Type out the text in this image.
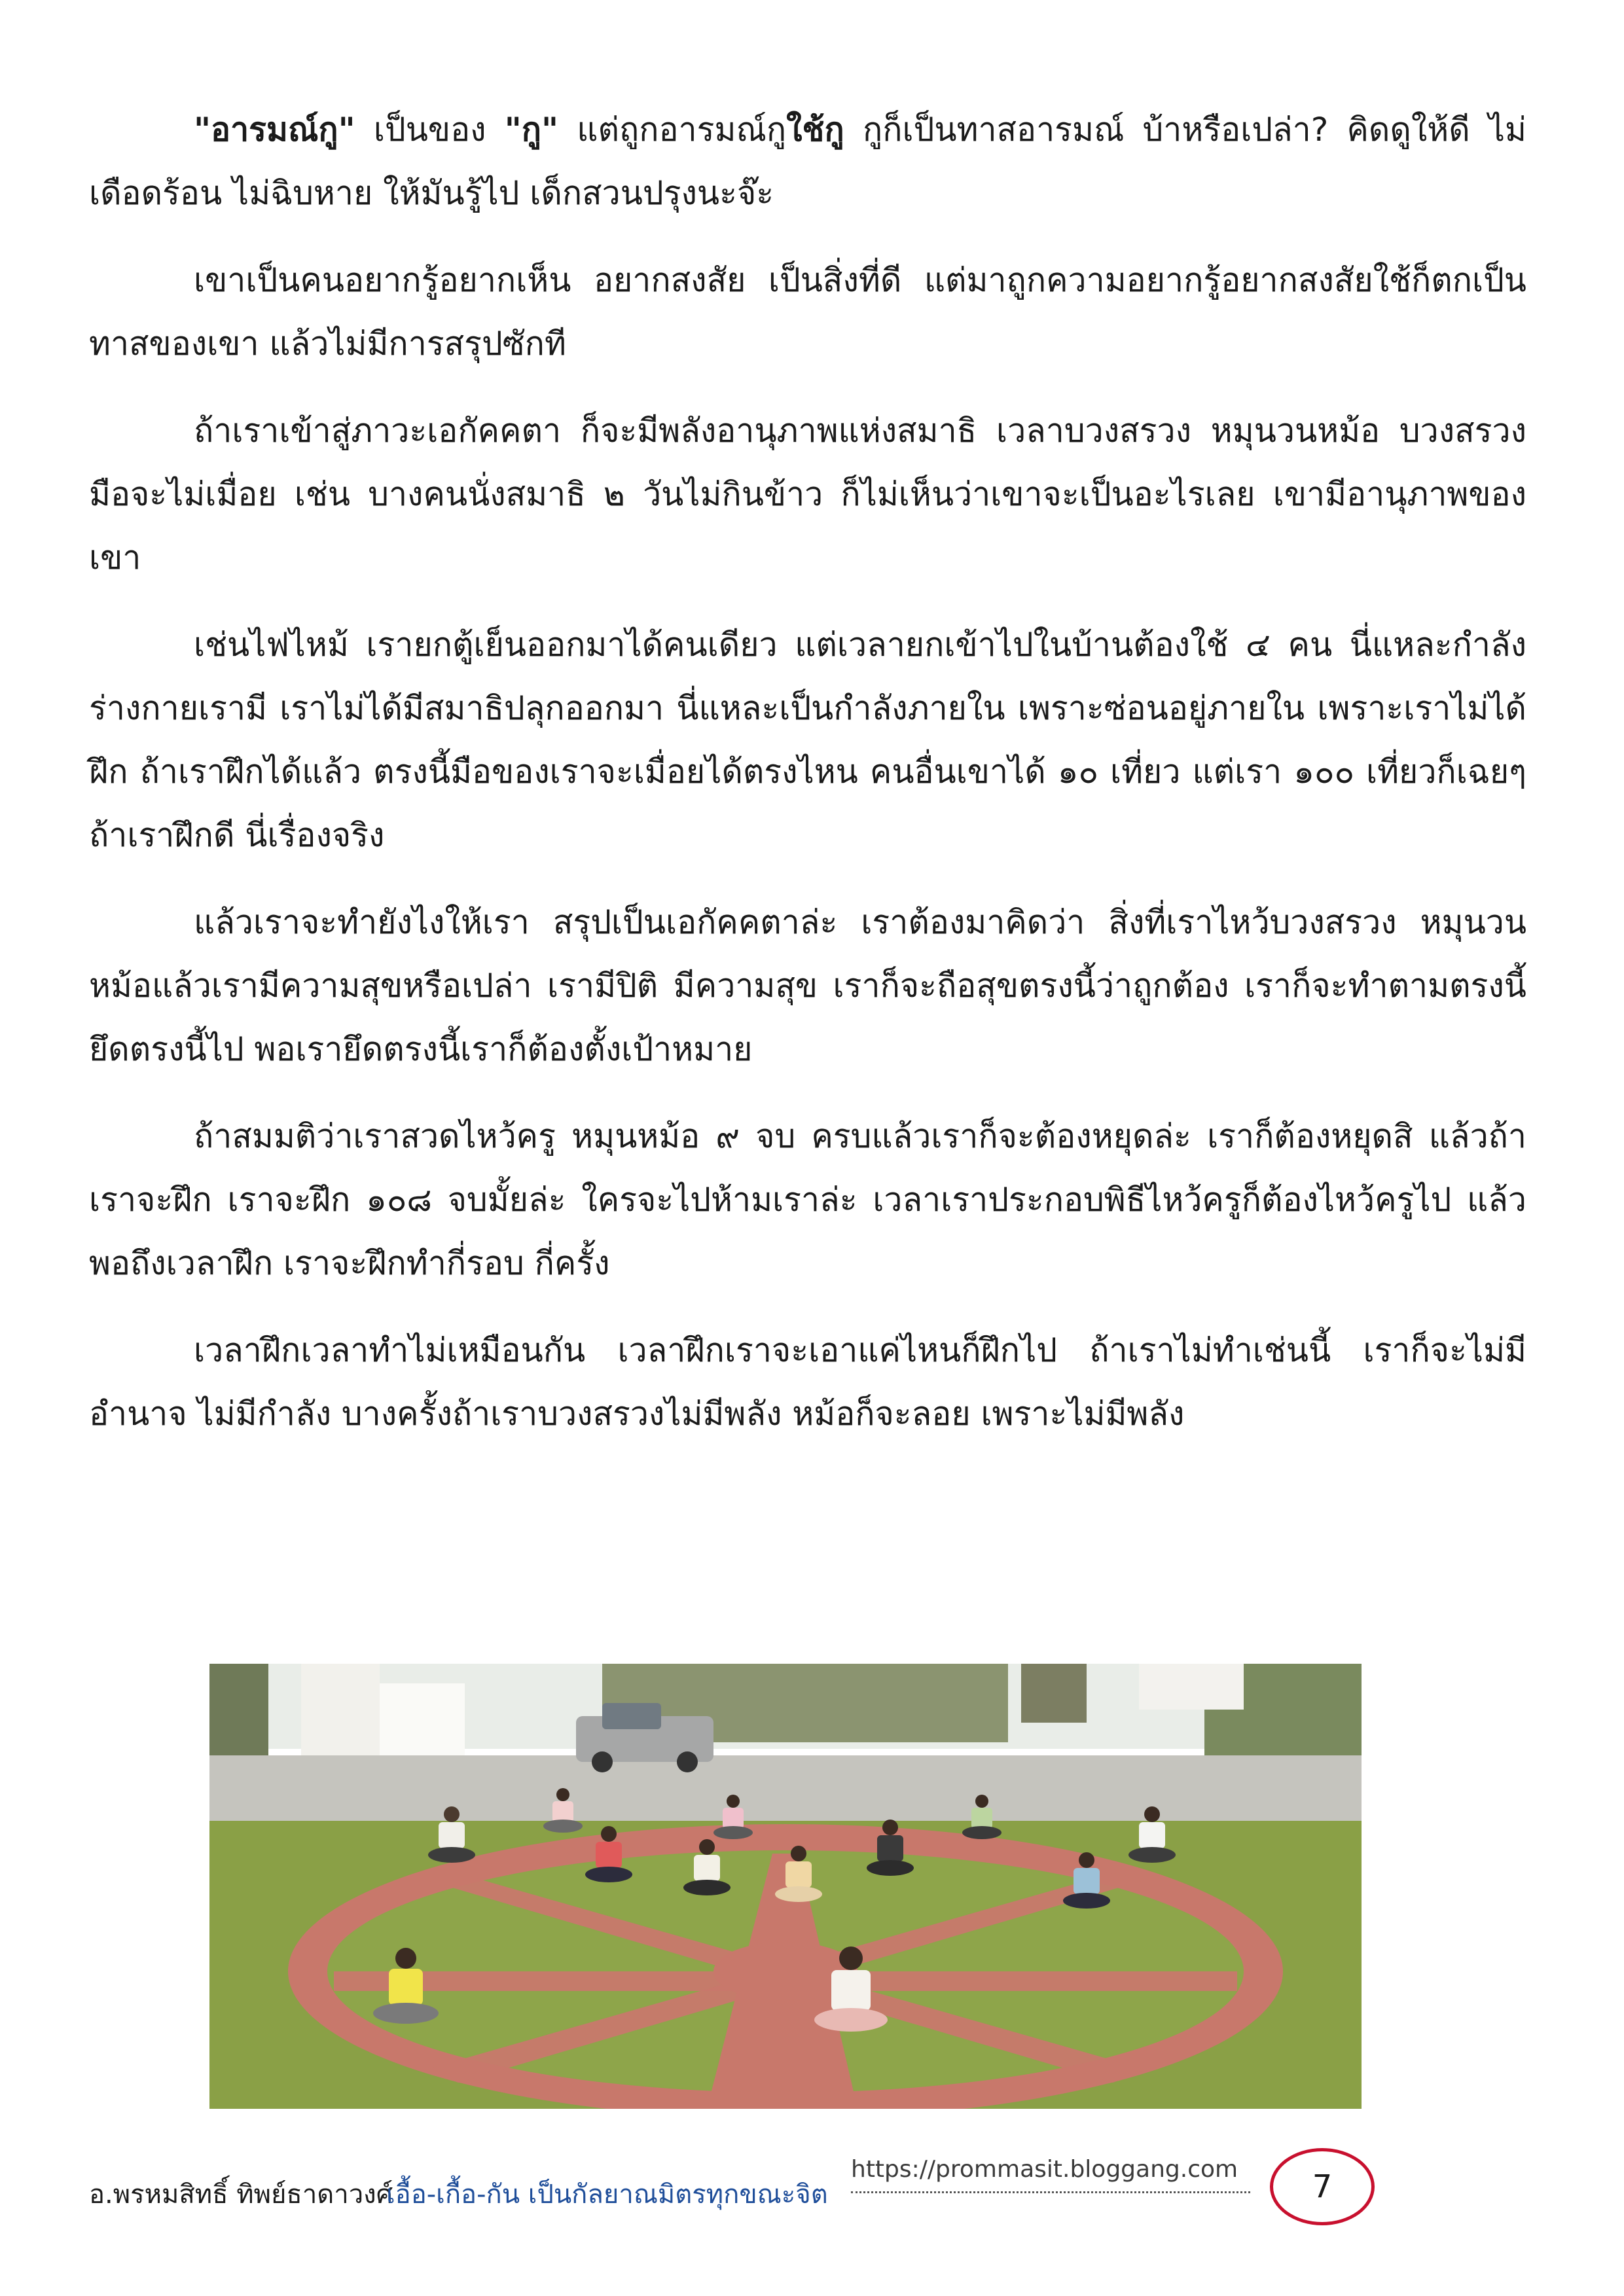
"อารมณ์กู" เป็นของ "กู" แต่ถูกอารมณ์กูใช้กู กูก็เป็นทาสอารมณ์ บ้าหรือเปล่า? คิดดูให้ดี ไม่เดือดร้อน ไม่ฉิบหาย ให้มันรู้ไป เด็กสวนปรุงนะจ๊ะ

เขาเป็นคนอยากรู้อยากเห็น อยากสงสัย เป็นสิ่งที่ดี แต่มาถูกความอยากรู้อยากสงสัยใช้ก็ตกเป็นทาสของเขา แล้วไม่มีการสรุปซักที

ถ้าเราเข้าสู่ภาวะเอกัคคตา ก็จะมีพลังอานุภาพแห่งสมาธิ เวลาบวงสรวง หมุนวนหม้อ บวงสรวงมือจะไม่เมื่อย เช่น บางคนนั่งสมาธิ ๒ วันไม่กินข้าว ก็ไม่เห็นว่าเขาจะเป็นอะไรเลย เขามีอานุภาพของเขา

เช่นไฟไหม้ เรายกตู้เย็นออกมาได้คนเดียว แต่เวลายกเข้าไปในบ้านต้องใช้ ๔ คน นี่แหละกำลังร่างกายเรามี เราไม่ได้มีสมาธิปลุกออกมา นี่แหละเป็นกำลังภายใน เพราะซ่อนอยู่ภายใน เพราะเราไม่ได้ฝึก ถ้าเราฝึกได้แล้ว ตรงนี้มือของเราจะเมื่อยได้ตรงไหน คนอื่นเขาได้ ๑๐ เที่ยว แต่เรา ๑๐๐ เที่ยวก็เฉยๆ ถ้าเราฝึกดี นี่เรื่องจริง

แล้วเราจะทำยังไงให้เรา สรุปเป็นเอกัคคตาล่ะ เราต้องมาคิดว่า สิ่งที่เราไหว้บวงสรวง หมุนวนหม้อแล้วเรามีความสุขหรือเปล่า เรามีปิติ มีความสุข เราก็จะถือสุขตรงนี้ว่าถูกต้อง เราก็จะทำตามตรงนี้ ยึดตรงนี้ไป พอเรายึดตรงนี้เราก็ต้องตั้งเป้าหมาย

ถ้าสมมติว่าเราสวดไหว้ครู หมุนหม้อ ๙ จบ ครบแล้วเราก็จะต้องหยุดล่ะ เราก็ต้องหยุดสิ แล้วถ้าเราจะฝึก เราจะฝึก ๑๐๘ จบมั้ยล่ะ ใครจะไปห้ามเราล่ะ เวลาเราประกอบพิธีไหว้ครูก็ต้องไหว้ครูไป แล้วพอถึงเวลาฝึก เราจะฝึกทำกี่รอบ กี่ครั้ง

เวลาฝึกเวลาทำไม่เหมือนกัน เวลาฝึกเราจะเอาแค่ไหนก็ฝึกไป ถ้าเราไม่ทำเช่นนี้ เราก็จะไม่มีอำนาจ ไม่มีกำลัง บางครั้งถ้าเราบวงสรวงไม่มีพลัง หม้อก็จะลอย เพราะไม่มีพลัง

อ.พรหมสิทธิ์ ทิพย์ธาดาวงศ์
เอื้อ-เกื้อ-กัน เป็นกัลยาณมิตรทุกขณะจิต
https://prommasit.bloggang.com 7
